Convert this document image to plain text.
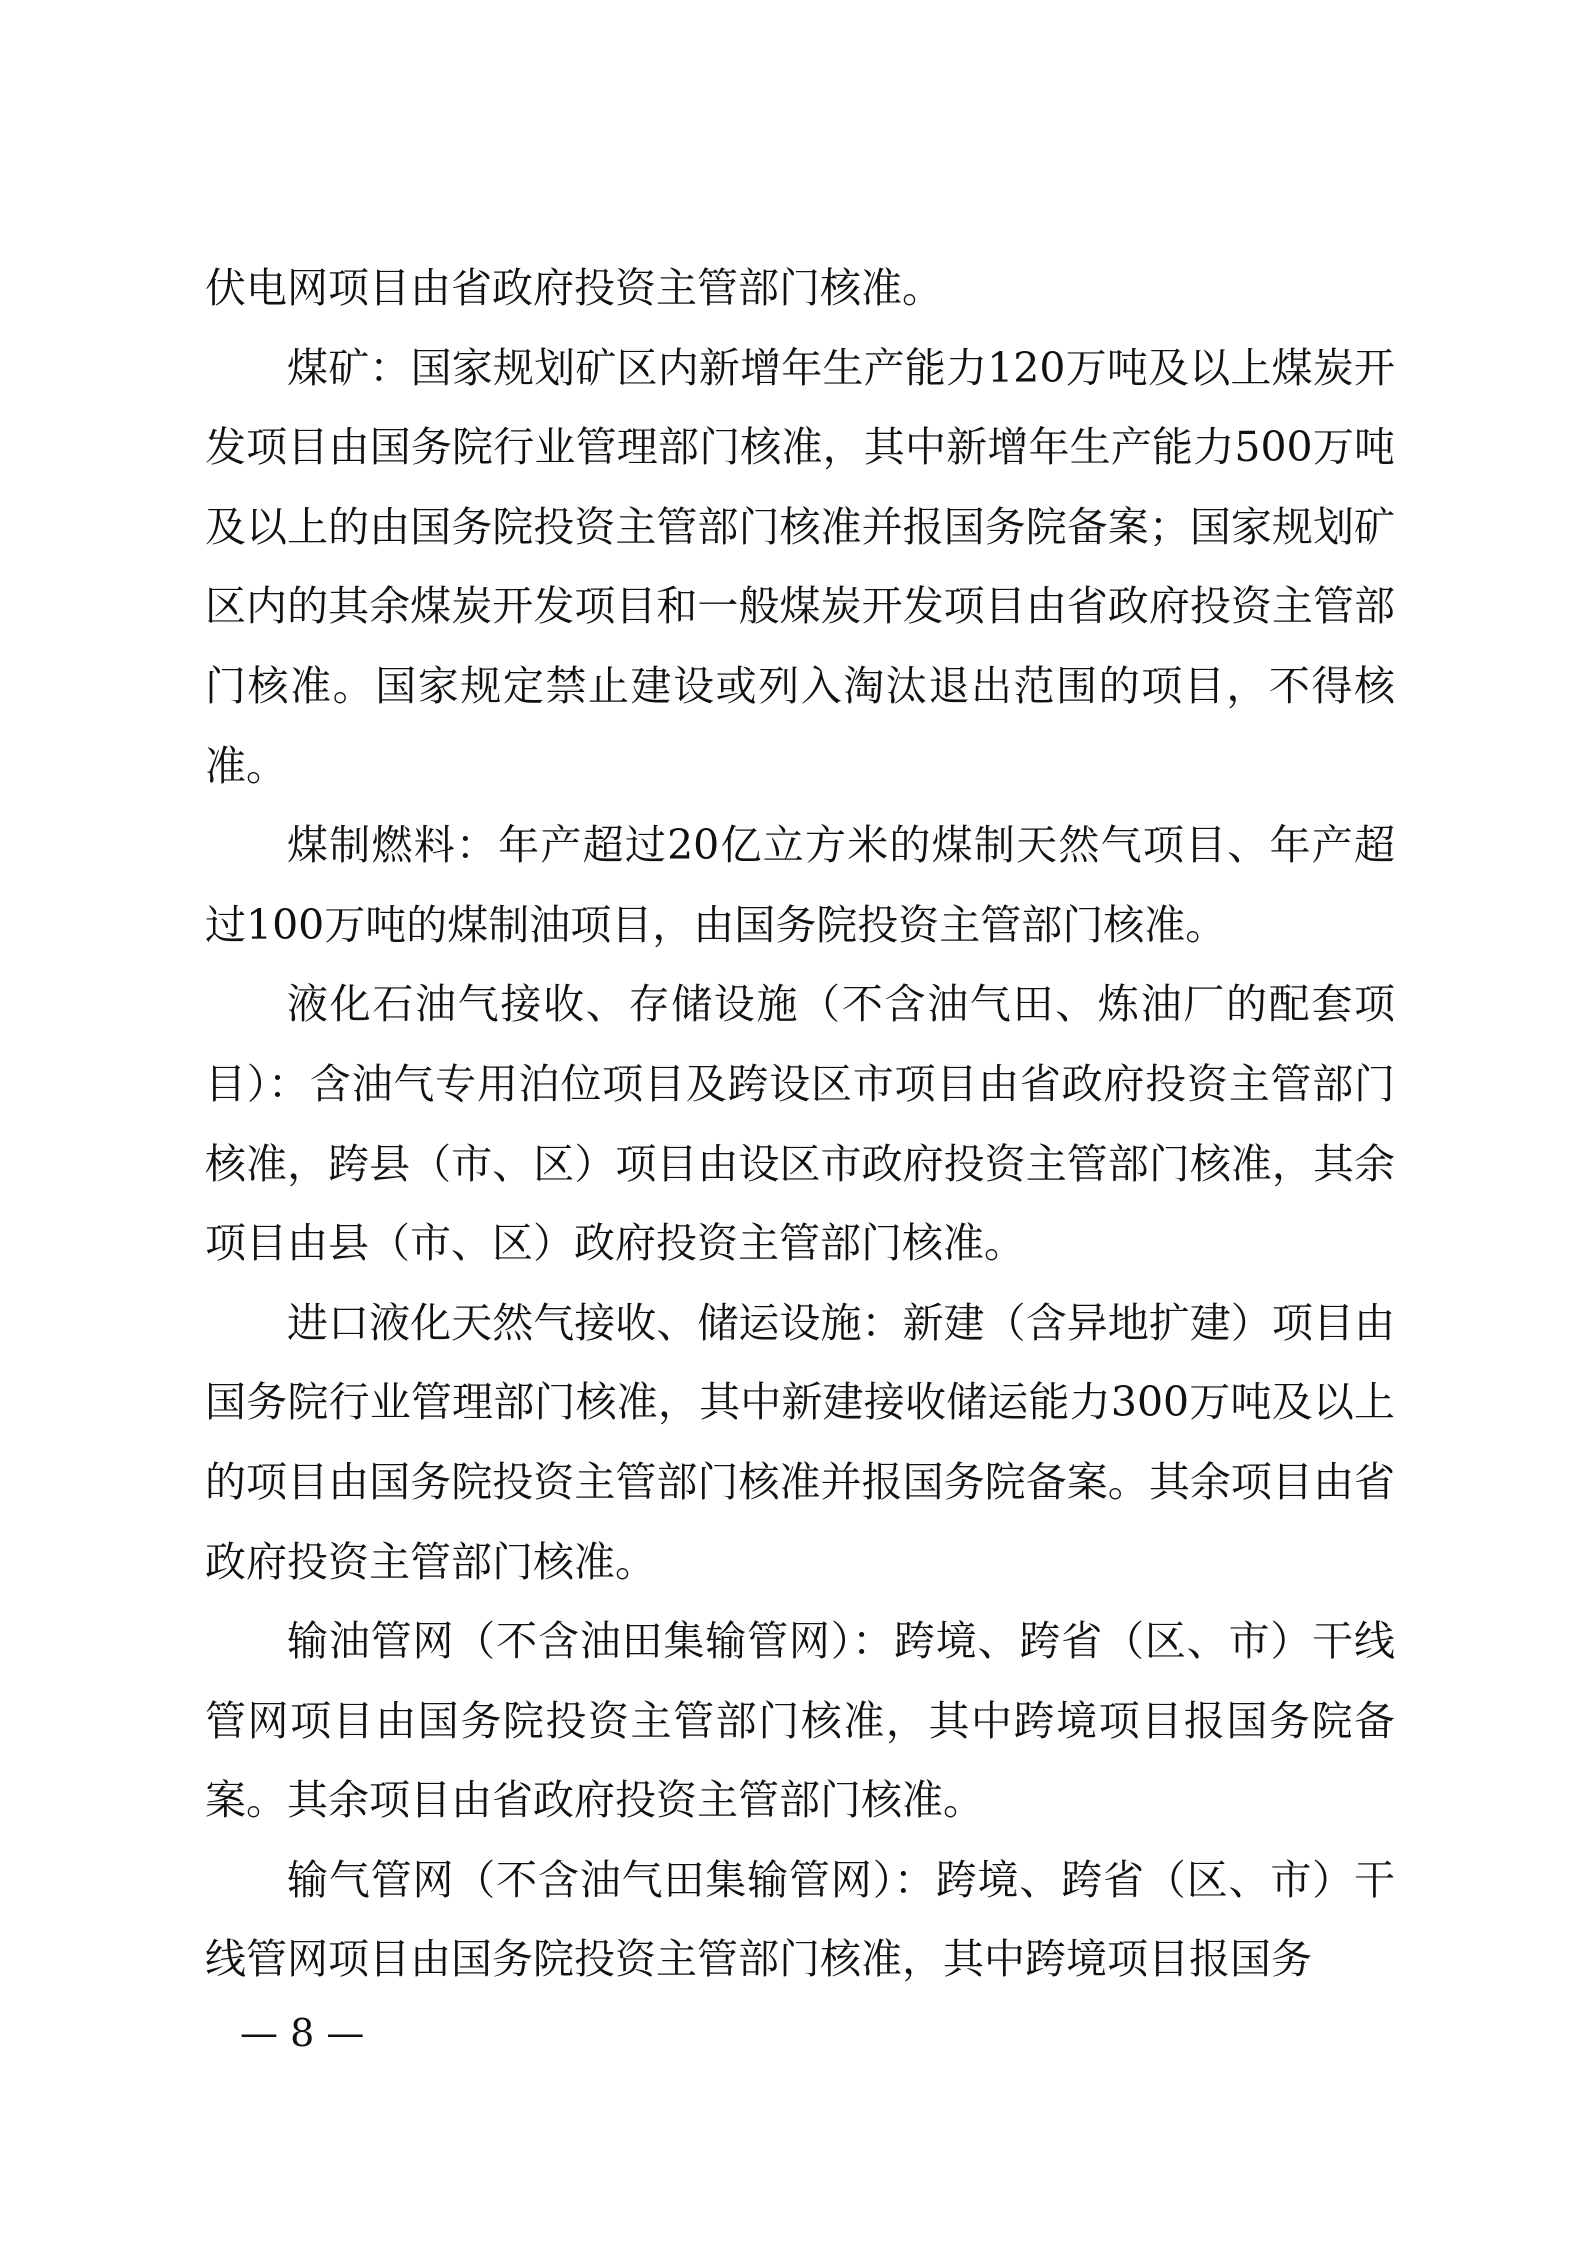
伏电网项目由省政府投资主管部门核准。

煤矿：国家规划矿区内新增年生产能力120万吨及以上煤炭开发项目由国务院行业管理部门核准，其中新增年生产能力500万吨及以上的由国务院投资主管部门核准并报国务院备案；国家规划矿区内的其余煤炭开发项目和一般煤炭开发项目由省政府投资主管部门核准。国家规定禁止建设或列入淘汰退出范围的项目，不得核准。

煤制燃料：年产超过20亿立方米的煤制天然气项目、年产超过100万吨的煤制油项目，由国务院投资主管部门核准。

液化石油气接收、存储设施（不含油气田、炼油厂的配套项目）：含油气专用泊位项目及跨设区市项目由省政府投资主管部门核准，跨县（市、区）项目由设区市政府投资主管部门核准，其余项目由县（市、区）政府投资主管部门核准。

进口液化天然气接收、储运设施：新建（含异地扩建）项目由国务院行业管理部门核准，其中新建接收储运能力300万吨及以上的项目由国务院投资主管部门核准并报国务院备案。其余项目由省政府投资主管部门核准。

输油管网（不含油田集输管网）：跨境、跨省（区、市）干线管网项目由国务院投资主管部门核准，其中跨境项目报国务院备案。其余项目由省政府投资主管部门核准。

输气管网（不含油气田集输管网）：跨境、跨省（区、市）干线管网项目由国务院投资主管部门核准，其中跨境项目报国务

— 8 —
